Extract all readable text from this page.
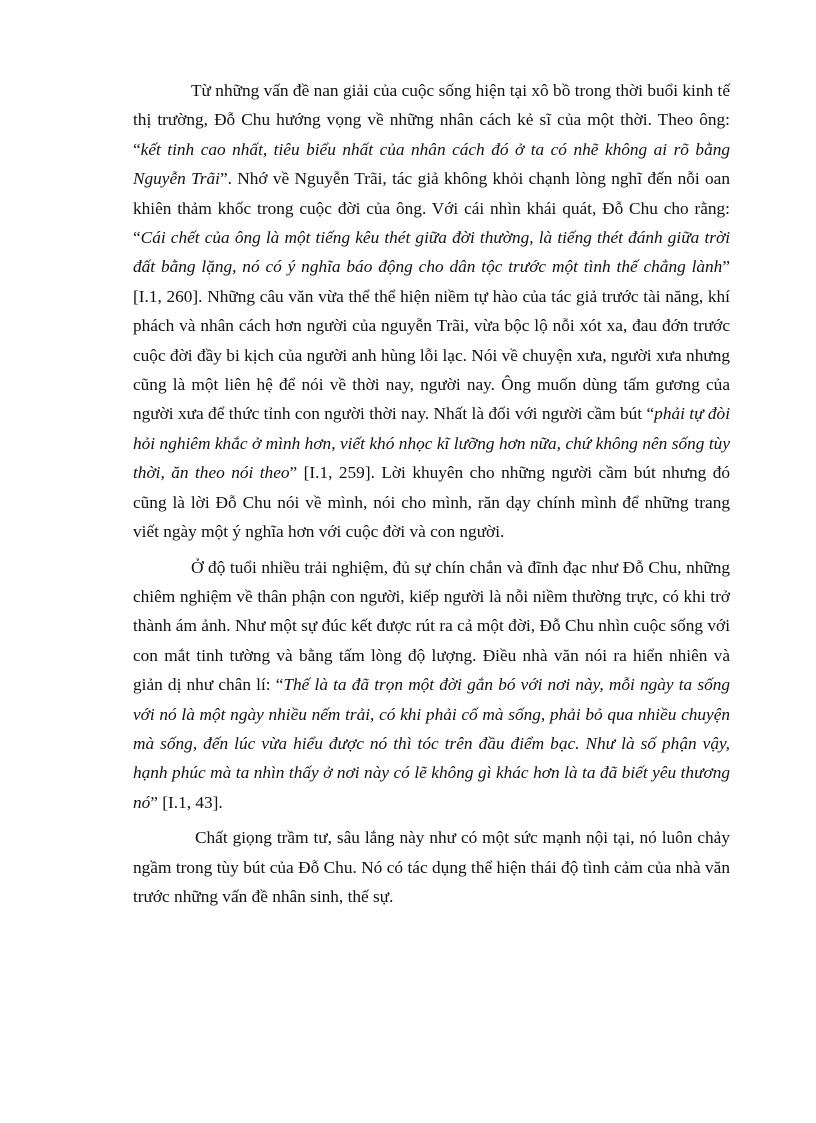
Từ những vấn đề nan giải của cuộc sống hiện tại xô bồ trong thời buổi kinh tế thị trường, Đỗ Chu hướng vọng về những nhân cách kẻ sĩ của một thời. Theo ông: “kết tinh cao nhất, tiêu biểu nhất của nhân cách đó ở ta có nhẽ không ai rõ bằng Nguyễn Trãi”. Nhớ về Nguyễn Trãi, tác giả không khỏi chạnh lòng nghĩ đến nỗi oan khiên thảm khốc trong cuộc đời của ông. Với cái nhìn khái quát, Đỗ Chu cho rằng: “Cái chết của ông là một tiếng kêu thét giữa đời thường, là tiếng thét đánh giữa trời đất bằng lặng, nó có ý nghĩa báo động cho dân tộc trước một tình thế chẳng lành” [I.1, 260]. Những câu văn vừa thể thể hiện niềm tự hào của tác giả trước tài năng, khí phách và nhân cách hơn người của nguyễn Trãi, vừa bộc lộ nỗi xót xa, đau đớn trước cuộc đời đầy bi kịch của người anh hùng lỗi lạc. Nói về chuyện xưa, người xưa nhưng cũng là một liên hệ để nói về thời nay, người nay. Ông muốn dùng tấm gương của người xưa để thức tỉnh con người thời nay. Nhất là đối với người cầm bút “phải tự đòi hỏi nghiêm khắc ở mình hơn, viết khó nhọc kĩ lưỡng hơn nữa, chứ không nên sống tùy thời, ăn theo nói theo” [I.1, 259]. Lời khuyên cho những người cầm bút nhưng đó cũng là lời Đỗ Chu nói về mình, nói cho mình, răn dạy chính mình để những trang viết ngày một ý nghĩa hơn với cuộc đời và con người.

Ở độ tuổi nhiều trải nghiệm, đủ sự chín chắn và đĩnh đạc như Đỗ Chu, những chiêm nghiệm về thân phận con người, kiếp người là nỗi niềm thường trực, có khi trở thành ám ảnh. Như một sự đúc kết được rút ra cả một đời, Đỗ Chu nhìn cuộc sống với con mắt tinh tường và bằng tấm lòng độ lượng. Điều nhà văn nói ra hiển nhiên và giản dị như chân lí: “Thế là ta đã trọn một đời gắn bó với nơi này, mỗi ngày ta sống với nó là một ngày nhiều nếm trải, có khi phải cố mà sống, phải bỏ qua nhiều chuyện mà sống, đến lúc vừa hiểu được nó thì tóc trên đầu điểm bạc. Như là số phận vậy, hạnh phúc mà ta nhìn thấy ở nơi này có lẽ không gì khác hơn là ta đã biết yêu thương nó” [I.1, 43].

Chất giọng trầm tư, sâu lắng này như có một sức mạnh nội tại, nó luôn chảy ngầm trong tùy bút của Đỗ Chu. Nó có tác dụng thể hiện thái độ tình cảm của nhà văn trước những vấn đề nhân sinh, thế sự.
